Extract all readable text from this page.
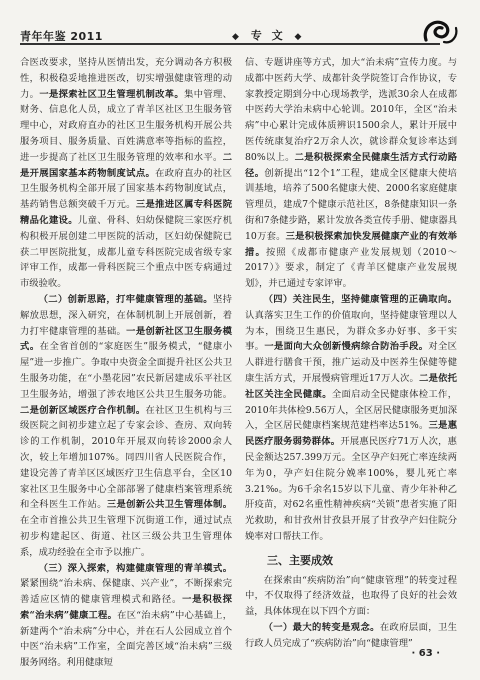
青年年鉴 2011	◆ 专 文 ◆

合医改要求，坚持从医情出发，充分调动各方积极性，积极稳妥地推进医改，切实增强健康管理的动力。一是探索社区卫生管理机制改革。集中管理、财务、信息化人员，成立了青羊区社区卫生服务管理中心，对政府直办的社区卫生服务机构开展公共服务项目、服务质量、百姓满意率等指标的监控，进一步提高了社区卫生服务管理的效率和水平。二是开展国家基本药物制度试点。在政府直办的社区卫生服务机构全部开展了国家基本药物制度试点，基药销售总额突破千万元。三是推进区属专科医院精品化建设。儿童、骨科、妇幼保健院三家医疗机构积极开展创建二甲医院的活动，区妇幼保健院已获二甲医院批复，成都儿童专科医院完成省级专家评审工作，成都一骨科医院三个重点中医专病通过市级验收。

（二）创新思路，打牢健康管理的基础。坚持解放思想，深入研究，在体制机制上开展创新，着力打牢健康管理的基础。一是创新社区卫生服务模式。在全省首创的“家庭医生”服务模式，“健康小屋”进一步推广。争取中央资金全面提升社区公共卫生服务功能，在“小墨花园”农民新居建成乐平社区卫生服务站，增强了涉农地区公共卫生服务功能。二是创新区域医疗合作机制。在社区卫生机构与三级医院之间初步建立起了专家会诊、查房、双向转诊的工作机制，2010年开展双向转诊2000余人次，较上年增加107%。同四川省人民医院合作，建设完善了青羊区区域医疗卫生信息平台，全区10家社区卫生服务中心全部部署了健康档案管理系统和全科医生工作站。三是创新公共卫生管理体制。在全市首推公共卫生管理下沉街道工作，通过试点初步构建起区、街道、社区三级公共卫生管理体系，成功经验在全市予以推广。

（三）深入探索，构建健康管理的青羊模式。紧紧围绕“治未病、保健康、兴产业”，不断探索完善适应区情的健康管理模式和路径。一是积极探索“治未病”健康工程。在区“治未病”中心基础上，新建两个“治未病”分中心，并在石人公园成立首个中医“治未病”工作室，全面完善区域“治未病”三级服务网络。利用健康短

信、专题讲座等方式，加大“治未病”宣传力度。与成都中医药大学、成都针灸学院签订合作协议，专家教授定期到分中心现场教学，选派30余人在成都中医药大学治未病中心轮训。2010年，全区“治未病”中心累计完成体质辨识1500余人，累计开展中医传统康复治疗2万余人次，就诊群众复诊率达到80%以上。二是积极探索全民健康生活方式行动路径。创新提出“12个1”工程，建成全区健康大使培训基地，培养了500名健康大使、2000名家庭健康管理员，建成7个健康示范社区，8条健康知识一条街和7条健步路，累计发放各类宣传手册、健康器具10万套。三是积极探索加快发展健康产业的有效举措。按照《成都市健康产业发展规划（2010～2017）》要求，制定了《青羊区健康产业发展规划》，并已通过专家评审。

（四）关注民生，坚持健康管理的正确取向。认真落实卫生工作的价值取向，坚持健康管理以人为本，围绕卫生惠民，为群众多办好事、多干实事。一是面向大众创新慢病综合防治手段。对全区人群进行膳食干预，推广运动及中医养生保健等健康生活方式，开展慢病管理近17万人次。二是依托社区关注全民健康。全面启动全民健康体检工作，2010年共体检9.56万人，全区居民健康服务更加深入，全区居民健康档案规范建档率达51%。三是惠民医疗服务弱势群体。开展惠民医疗71万人次，惠民金额达257.399万元。全区孕产妇死亡率连续两年为0，孕产妇住院分娩率100%，婴儿死亡率3.21‰。为6千余名15岁以下儿童、青少年补种乙肝疫苗，对62名重性精神疾病“关锁”患者实施了阳光救助，和甘孜州甘孜县开展了甘孜孕产妇住院分娩率对口帮扶工作。

三、主要成效

在探索由“疾病防治”向“健康管理”的转变过程中，不仅取得了经济效益，也取得了良好的社会效益，具体体现在以下四个方面：

（一）最大的转变是观念。在政府层面，卫生行政人员完成了“疾病防治”向“健康管理”

· 63 ·
